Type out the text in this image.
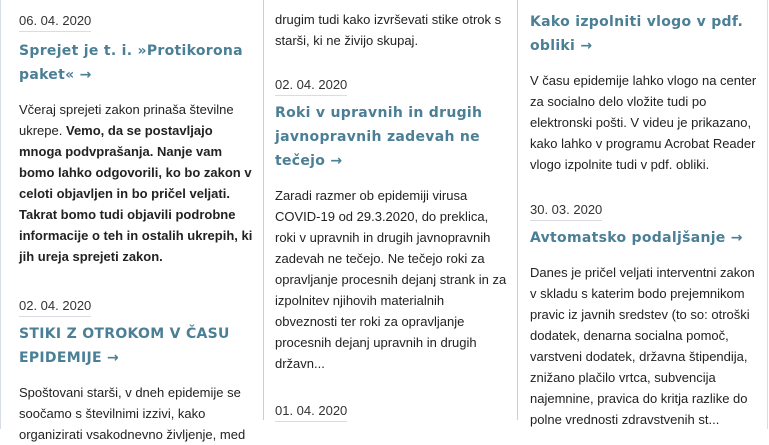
06. 04. 2020
Sprejet je t. i. »Protikorona paket« →

Včeraj sprejeti zakon prinaša številne ukrepe. Vemo, da se postavljajo mnoga podvprašanja. Nanje vam bomo lahko odgovorili, ko bo zakon v celoti objavljen in bo pričel veljati. Takrat bomo tudi objavili podrobne informacije o teh in ostalih ukrepih, ki jih ureja sprejeti zakon.

02. 04. 2020
STIKI Z OTROKOM V ČASU EPIDEMIJE →

Spoštovani starši, v dneh epidemije se soočamo s številnimi izzivi, kako organizirati vsakodnevno življenje, med

drugim tudi kako izvrševati stike otrok s starši, ki ne živijo skupaj.

02. 04. 2020
Roki v upravnih in drugih javnopravnih zadevah ne tečejo →

Zaradi razmer ob epidemiji virusa COVID-19 od 29.3.2020, do preklica, roki v upravnih in drugih javnopravnih zadevah ne tečejo. Ne tečejo roki za opravljanje procesnih dejanj strank in za izpolnitev njihovih materialnih obveznosti ter roki za opravljanje procesnih dejanj upravnih in drugih državn...

01. 04. 2020
Kako izpolniti vlogo v pdf. obliki →

V času epidemije lahko vlogo na center za socialno delo vložite tudi po elektronski pošti. V videu je prikazano, kako lahko v programu Acrobat Reader vlogo izpolnite tudi v pdf. obliki.

30. 03. 2020
Avtomatsko podaljšanje →

Danes je pričel veljati interventni zakon v skladu s katerim bodo prejemnikom pravic iz javnih sredstev (to so: otroški dodatek, denarna socialna pomoč, varstveni dodatek, državna štipendija, znižano plačilo vrtca, subvencija najemnine, pravica do kritja razlike do polne vrednosti zdravstvenih st...
